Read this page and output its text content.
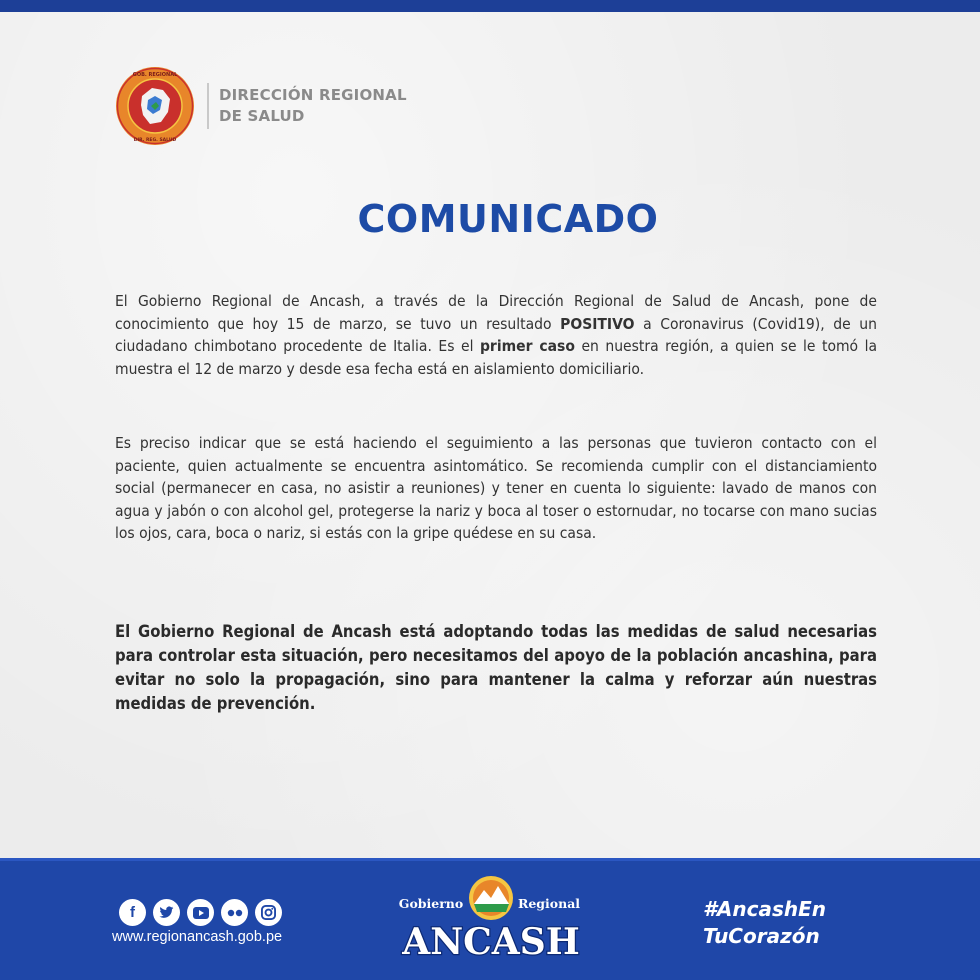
GOB. REGIONAL
DIR. REG. SALUD
DIRECCIÓN REGIONAL
DE SALUD
COMUNICADO

El Gobierno Regional de Ancash, a través de la Dirección Regional de Salud de Ancash, pone de conocimiento que hoy 15 de marzo, se tuvo un resultado POSITIVO a Coronavirus (Covid19), de un ciudadano chimbotano procedente de Italia. Es el primer caso en nuestra región, a quien se le tomó la muestra el 12 de marzo y desde esa fecha está en aislamiento domiciliario.

Es preciso indicar que se está haciendo el seguimiento a las personas que tuvieron contacto con el paciente, quien actualmente se encuentra asintomático. Se recomienda cumplir con el distanciamiento social (permanecer en casa, no asistir a reuniones) y tener en cuenta lo siguiente: lavado de manos con agua y jabón o con alcohol gel, protegerse la nariz y boca al toser o estornudar, no tocarse con mano sucias los ojos, cara, boca o nariz, si estás con la gripe quédese en su casa.

El Gobierno Regional de Ancash está adoptando todas las medidas de salud necesarias para controlar esta situación, pero necesitamos del apoyo de la población ancashina, para evitar no solo la propagación, sino para mantener la calma y reforzar aún nuestras medidas de prevención.

f
www.regionancash.gob.pe
Gobierno	Regional
ANCASH
#AncashEn
TuCorazón
